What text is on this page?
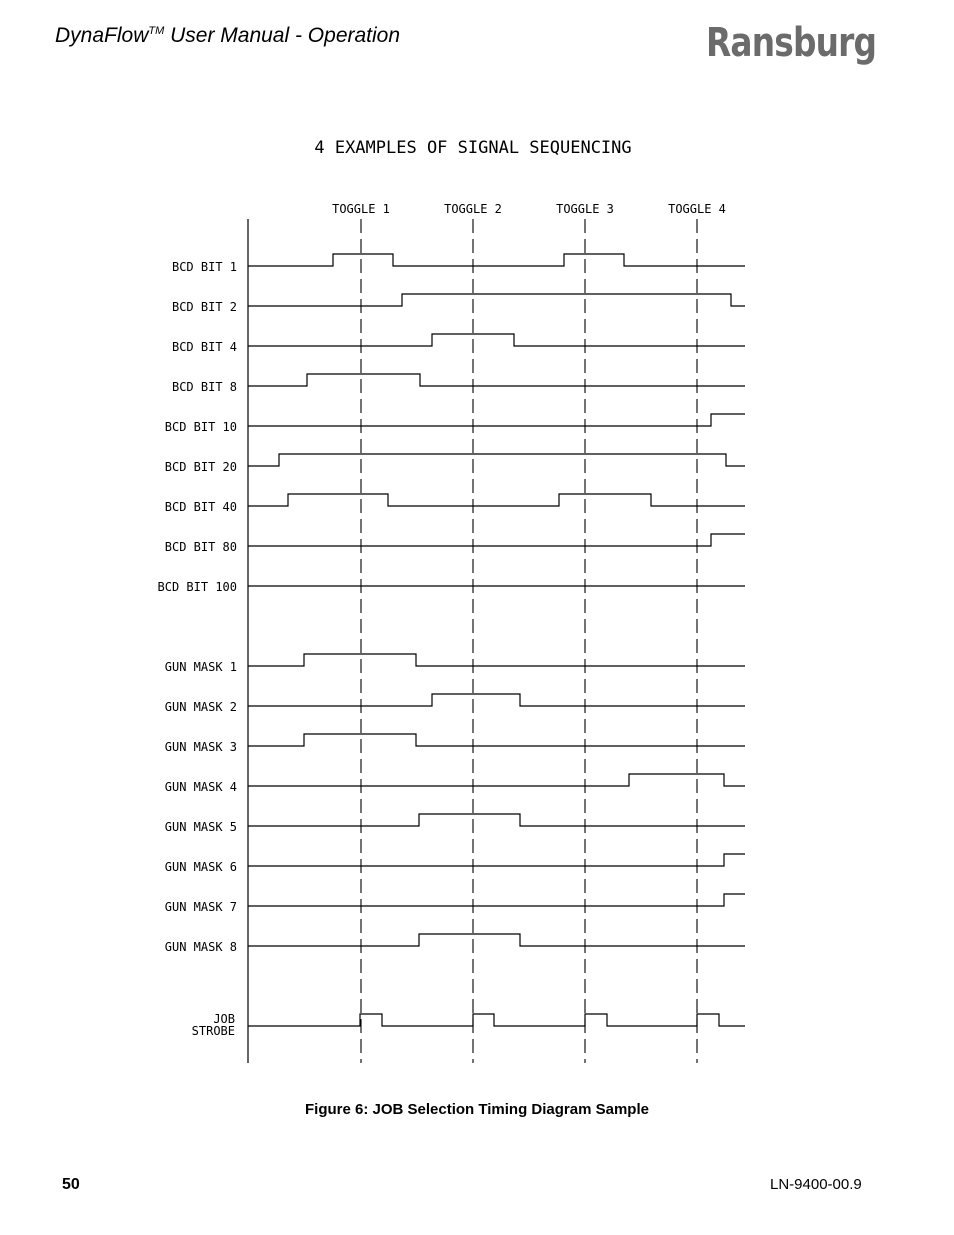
DynaFlow™ User Manual - Operation	Ransburg
4 EXAMPLES OF SIGNAL SEQUENCING
TOGGLE 1	TOGGLE 2	TOGGLE 3	TOGGLE 4
BCD BIT 1
BCD BIT 2
BCD BIT 4
BCD BIT 8
BCD BIT 10
BCD BIT 20
BCD BIT 40
BCD BIT 80
BCD BIT 100
GUN MASK 1
GUN MASK 2
GUN MASK 3
GUN MASK 4
GUN MASK 5
GUN MASK 6
GUN MASK 7
GUN MASK 8
JOB
STROBE
Figure 6: JOB Selection Timing Diagram Sample
50	LN-9400-00.9
